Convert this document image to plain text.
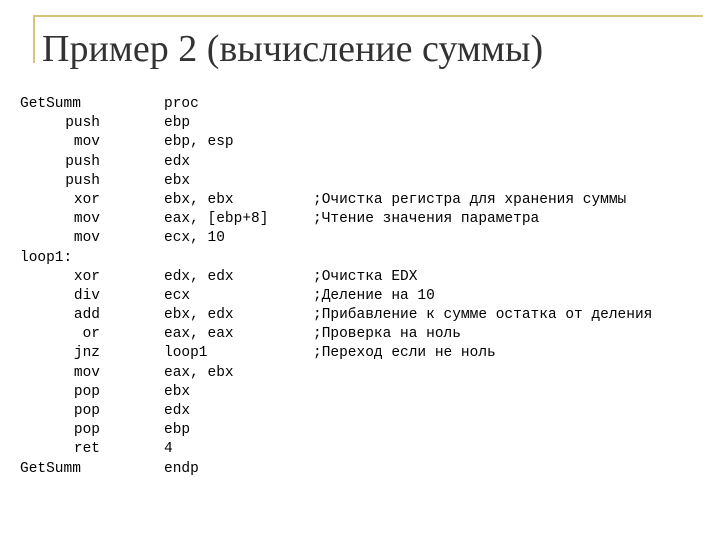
Пример 2 (вычисление суммы)
GetSumm	proc
push	ebp
mov	ebp, esp
push	edx
push	ebx
xor	ebx, ebx	;Очистка регистра для хранения суммы
mov	eax, [ebp+8]	;Чтение значения параметра
mov	ecx, 10
loop1:
xor	edx, edx	;Очистка EDX
div	ecx	;Деление на 10
add	ebx, edx	;Прибавление к сумме остатка от деления
or	eax, eax	;Проверка на ноль
jnz	loop1	;Переход если не ноль
mov	eax, ebx
pop	ebx
pop	edx
pop	ebp
ret	4
GetSumm	endp
